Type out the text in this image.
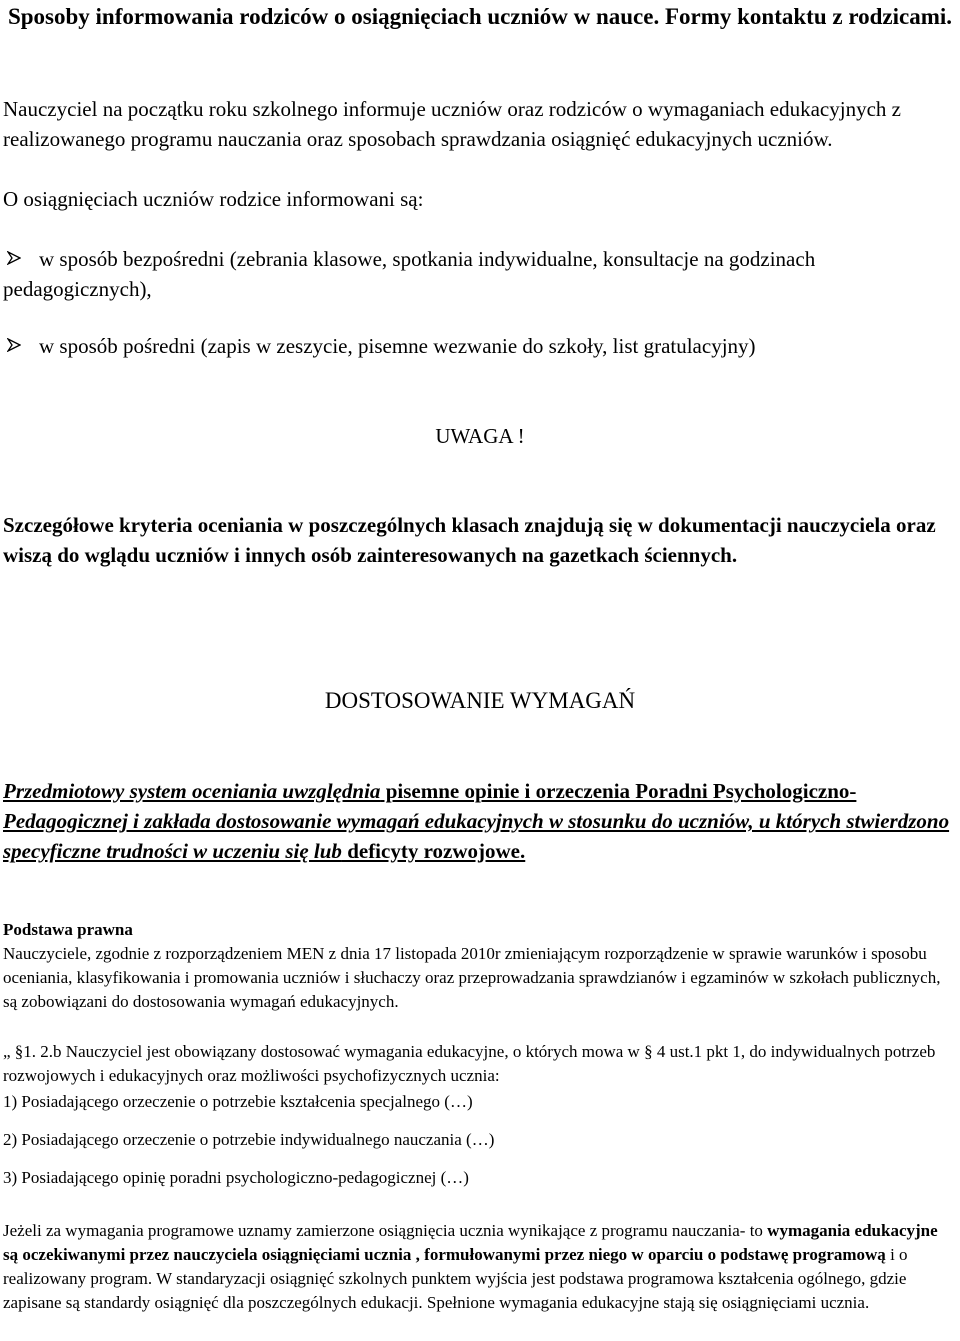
Sposoby informowania rodziców o osiągnięciach uczniów w nauce. Formy kontaktu z rodzicami.
Nauczyciel na początku roku szkolnego informuje uczniów oraz rodziców o wymaganiach edukacyjnych z realizowanego programu nauczania oraz sposobach sprawdzania osiągnięć edukacyjnych uczniów.
O osiągnięciach uczniów rodzice informowani są:
w sposób bezpośredni (zebrania klasowe, spotkania indywidualne, konsultacje na godzinach pedagogicznych),
w sposób pośredni (zapis w zeszycie, pisemne wezwanie do szkoły, list gratulacyjny)
UWAGA !
Szczegółowe kryteria oceniania w poszczególnych klasach znajdują się w dokumentacji nauczyciela oraz wiszą do wglądu uczniów i innych osób zainteresowanych na gazetkach ściennych.
DOSTOSOWANIE WYMAGAŃ
Przedmiotowy system oceniania uwzględnia pisemne opinie i orzeczenia Poradni Psychologiczno- Pedagogicznej i zakłada dostosowanie wymagań edukacyjnych w stosunku do uczniów, u których stwierdzono specyficzne trudności w uczeniu się lub deficyty rozwojowe.
Podstawa prawna
Nauczyciele, zgodnie z rozporządzeniem MEN z dnia 17 listopada 2010r zmieniającym rozporządzenie w sprawie warunków i sposobu oceniania, klasyfikowania i promowania uczniów i słuchaczy oraz przeprowadzania sprawdzianów i egzaminów w szkołach publicznych, są zobowiązani do dostosowania wymagań edukacyjnych.
„ §1. 2.b Nauczyciel jest obowiązany dostosować wymagania edukacyjne, o których mowa w § 4 ust.1 pkt 1, do indywidualnych potrzeb rozwojowych i edukacyjnych oraz możliwości psychofizycznych ucznia:
1) Posiadającego orzeczenie o potrzebie kształcenia specjalnego (…)
2) Posiadającego orzeczenie o potrzebie indywidualnego nauczania (…)
3) Posiadającego opinię poradni psychologiczno-pedagogicznej (…)
Jeżeli za wymagania programowe uznamy zamierzone osiągnięcia ucznia wynikające z programu nauczania- to wymagania edukacyjne są oczekiwanymi przez nauczyciela osiągnięciami ucznia , formułowanymi przez niego w oparciu o podstawę programową i o realizowany program. W standaryzacji osiągnięć szkolnych punktem wyjścia jest podstawa programowa kształcenia ogólnego, gdzie zapisane są standardy osiągnięć dla poszczególnych edukacji. Spełnione wymagania edukacyjne stają się osiągnięciami ucznia.
